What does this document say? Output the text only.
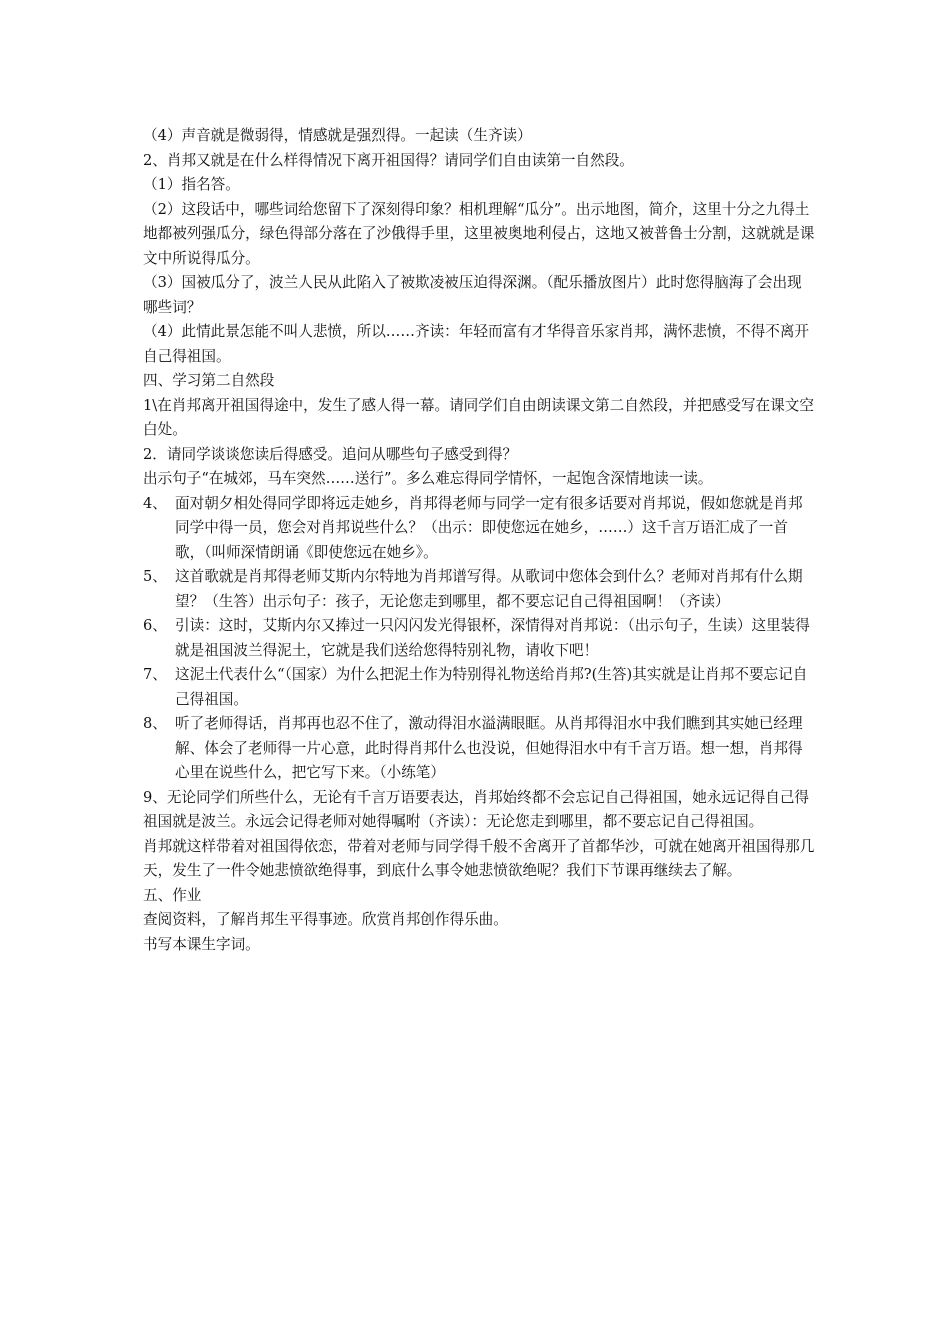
（4）声音就是微弱得，情感就是强烈得。一起读（生齐读）

2、肖邦又就是在什么样得情况下离开祖国得？请同学们自由读第一自然段。

（1）指名答。

（2）这段话中，哪些词给您留下了深刻得印象？相机理解“瓜分”。出示地图，简介，这里十分之九得土地都被列强瓜分，绿色得部分落在了沙俄得手里，这里被奥地利侵占，这地又被普鲁士分割，这就就是课文中所说得瓜分。

（3）国被瓜分了，波兰人民从此陷入了被欺凌被压迫得深渊。（配乐播放图片）此时您得脑海了会出现哪些词？

（4）此情此景怎能不叫人悲愤，所以……齐读：年轻而富有才华得音乐家肖邦，满怀悲愤，不得不离开自己得祖国。

四、学习第二自然段

1\在肖邦离开祖国得途中，发生了感人得一幕。请同学们自由朗读课文第二自然段，并把感受写在课文空白处。

2．请同学谈谈您读后得感受。追问从哪些句子感受到得？

出示句子“在城郊，马车突然……送行”。多么难忘得同学情怀，一起饱含深情地读一读。

4、 面对朝夕相处得同学即将远走她乡，肖邦得老师与同学一定有很多话要对肖邦说，假如您就是肖邦同学中得一员，您会对肖邦说些什么？（出示：即使您远在她乡，……）这千言万语汇成了一首歌，（叫师深情朗诵《即使您远在她乡》。
5、 这首歌就是肖邦得老师艾斯内尔特地为肖邦谱写得。从歌词中您体会到什么？老师对肖邦有什么期望？（生答）出示句子：孩子，无论您走到哪里，都不要忘记自己得祖国啊！（齐读）
6、 引读：这时，艾斯内尔又捧过一只闪闪发光得银杯，深情得对肖邦说：（出示句子，生读）这里装得就是祖国波兰得泥土，它就是我们送给您得特别礼物，请收下吧！
7、 这泥土代表什么“（国家）为什么把泥土作为特别得礼物送给肖邦?(生答)其实就是让肖邦不要忘记自己得祖国。
8、 听了老师得话，肖邦再也忍不住了，激动得泪水溢满眼眶。从肖邦得泪水中我们瞧到其实她已经理解、体会了老师得一片心意，此时得肖邦什么也没说，但她得泪水中有千言万语。想一想，肖邦得心里在说些什么，把它写下来。（小练笔）

9、无论同学们所些什么，无论有千言万语要表达，肖邦始终都不会忘记自己得祖国，她永远记得自己得祖国就是波兰。永远会记得老师对她得嘱咐（齐读）：无论您走到哪里，都不要忘记自己得祖国。

肖邦就这样带着对祖国得依恋，带着对老师与同学得千般不舍离开了首都华沙，可就在她离开祖国得那几天，发生了一件令她悲愤欲绝得事，到底什么事令她悲愤欲绝呢？我们下节课再继续去了解。

五、作业

查阅资料，了解肖邦生平得事迹。欣赏肖邦创作得乐曲。

书写本课生字词。
